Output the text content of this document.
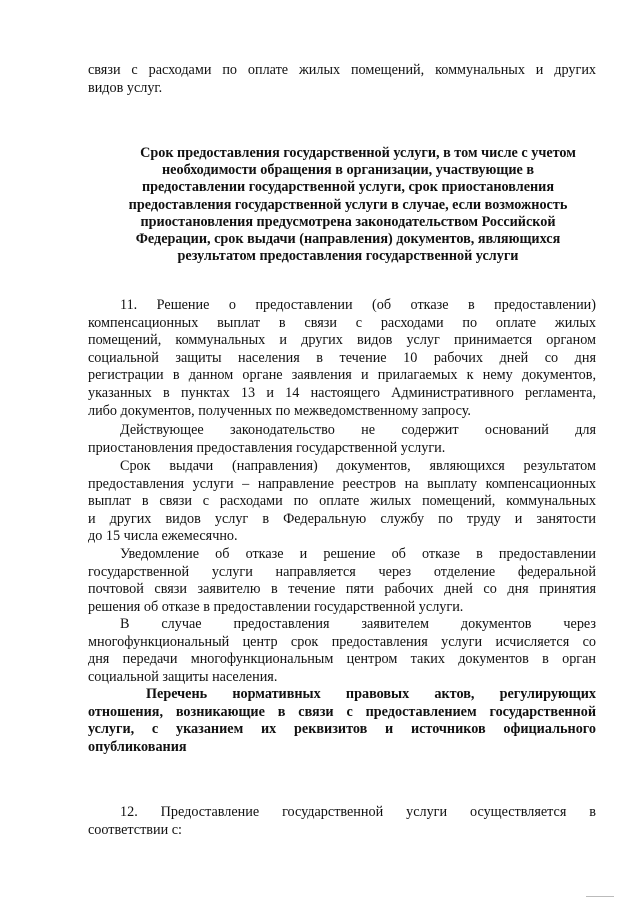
связи с расходами по оплате жилых помещений, коммунальных и других
видов услуг.
Срок предоставления государственной услуги, в том числе с учетом
необходимости обращения в организации, участвующие в
предоставлении государственной услуги, срок приостановления
предоставления государственной услуги в случае, если возможность
приостановления предусмотрена законодательством Российской
Федерации, срок выдачи (направления) документов, являющихся
результатом предоставления государственной услуги
11. Решение о предоставлении (об отказе в предоставлении)
компенсационных выплат в связи с расходами по оплате жилых
помещений, коммунальных и других видов услуг принимается органом
социальной защиты населения в течение 10 рабочих дней со дня
регистрации в данном органе заявления и прилагаемых к нему документов,
указанных в пунктах 13 и 14 настоящего Административного регламента,
либо документов, полученных по межведомственному запросу.
Действующее законодательство не содержит оснований для
приостановления предоставления государственной услуги.
Срок выдачи (направления) документов, являющихся результатом
предоставления услуги – направление реестров на выплату компенсационных
выплат в связи с расходами по оплате жилых помещений, коммунальных
и других видов услуг в Федеральную службу по труду и занятости
до 15 числа ежемесячно.
Уведомление об отказе и решение об отказе в предоставлении
государственной услуги направляется через отделение федеральной
почтовой связи заявителю в течение пяти рабочих дней со дня принятия
решения об отказе в предоставлении государственной услуги.
В случае предоставления заявителем документов через
многофункциональный центр срок предоставления услуги исчисляется со
дня передачи многофункциональным центром таких документов в орган
социальной защиты населения.
Перечень нормативных правовых актов, регулирующих
отношения, возникающие в связи с предоставлением государственной
услуги, с указанием их реквизитов и источников официального
опубликования
12. Предоставление государственной услуги осуществляется в
соответствии с:
